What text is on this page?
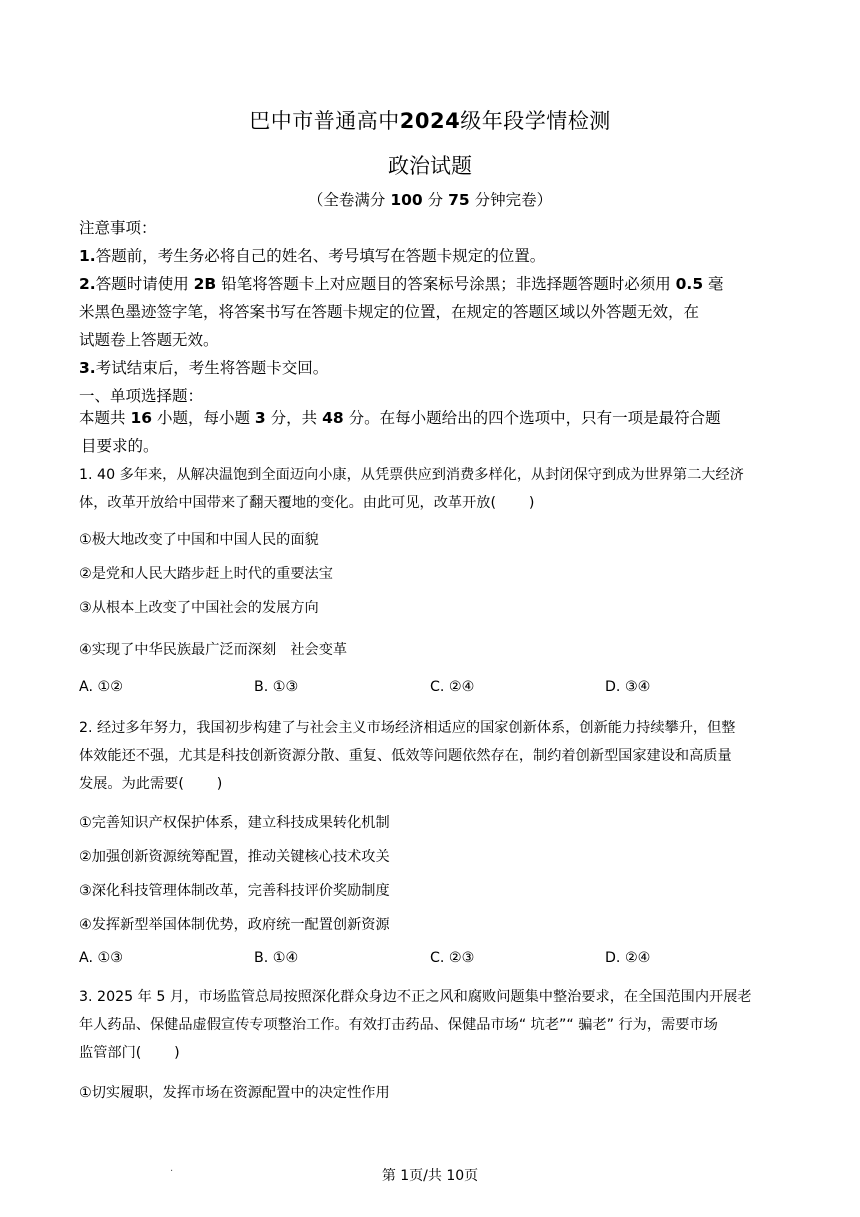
巴中市普通高中2024级年段学情检测
政治试题
（全卷满分 100 分 75 分钟完卷）

注意事项：

1.答题前，考生务必将自己的姓名、考号填写在答题卡规定的位置。

2.答题时请使用 2B 铅笔将答题卡上对应题目的答案标号涂黑；非选择题答题时必须用 0.5 毫

米黑色墨迹签字笔，将答案书写在答题卡规定的位置，在规定的答题区域以外答题无效，在

试题卷上答题无效。

3.考试结束后，考生将答题卡交回。

一、单项选择题：

本题共 16 小题，每小题 3 分，共 48 分。在每小题给出的四个选项中，只有一项是最符合题

目要求的。

1. 40 多年来，从解决温饱到全面迈向小康，从凭票供应到消费多样化，从封闭保守到成为世界第二大经济

体，改革开放给中国带来了翻天覆地的变化。由此可见，改革开放(　　 )

①极大地改变了中国和中国人民的面貌
②是党和人民大踏步赶上时代的重要法宝
③从根本上改变了中国社会的发展方向
④实现了中华民族最广泛而深刻　社会变革
A. ①②	B. ①③	C. ②④	D. ③④

2. 经过多年努力，我国初步构建了与社会主义市场经济相适应的国家创新体系，创新能力持续攀升，但整

体效能还不强，尤其是科技创新资源分散、重复、低效等问题依然存在，制约着创新型国家建设和高质量

发展。为此需要(　　 )

①完善知识产权保护体系，建立科技成果转化机制
②加强创新资源统筹配置，推动关键核心技术攻关
③深化科技管理体制改革，完善科技评价奖励制度
④发挥新型举国体制优势，政府统一配置创新资源
A. ①③	B. ①④	C. ②③	D. ②④

3. 2025 年 5 月，市场监管总局按照深化群众身边不正之风和腐败问题集中整治要求，在全国范围内开展老

年人药品、保健品虚假宣传专项整治工作。有效打击药品、保健品市场“ 坑老”“ 骗老” 行为，需要市场

监管部门(　　 )

①切实履职，发挥市场在资源配置中的决定性作用
.	第 1页/共 10页
